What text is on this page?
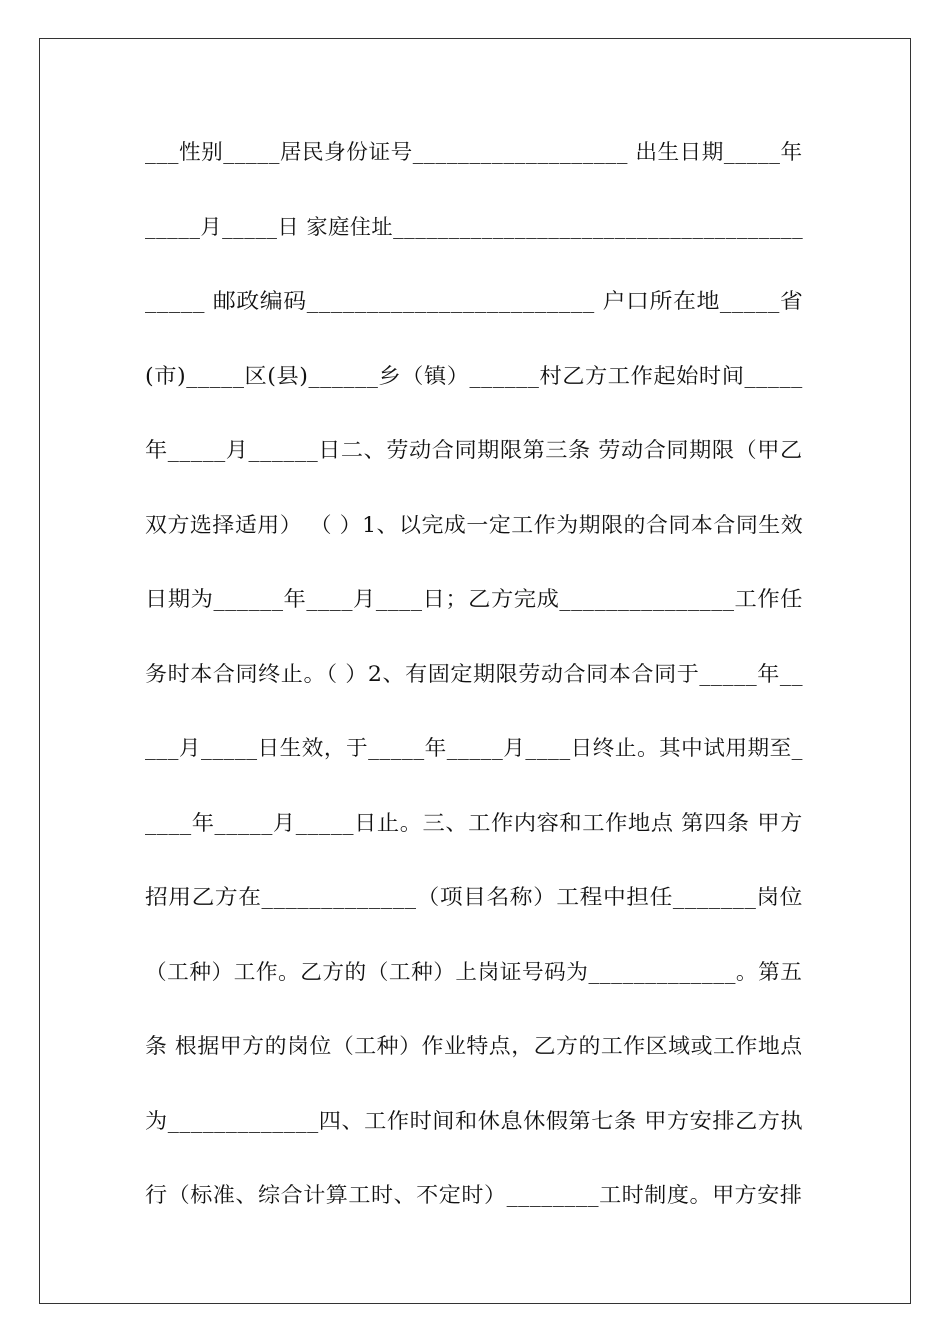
___性别_____居民身份证号___________________ 出生日期_____年
_____月_____日 家庭住址_____________________________________
_____ 邮政编码________________________ 户口所在地_____省
(市)_____区(县)______乡（镇）______村乙方工作起始时间_____
年_____月______日二、劳动合同期限第三条 劳动合同期限（甲乙
双方选择适用） （ ）1、以完成一定工作为期限的合同本合同生效
日期为______年____月____日；乙方完成_______________工作任
务时本合同终止。（ ）2、有固定期限劳动合同本合同于_____年__
___月_____日生效，于_____年_____月____日终止。其中试用期至_
____年_____月_____日止。三、工作内容和工作地点 第四条 甲方
招用乙方在_____________（项目名称）工程中担任_______岗位
（工种）工作。乙方的（工种）上岗证号码为_____________。第五
条 根据甲方的岗位（工种）作业特点，乙方的工作区域或工作地点
为_____________四、工作时间和休息休假第七条 甲方安排乙方执
行（标准、综合计算工时、不定时）________工时制度。甲方安排
